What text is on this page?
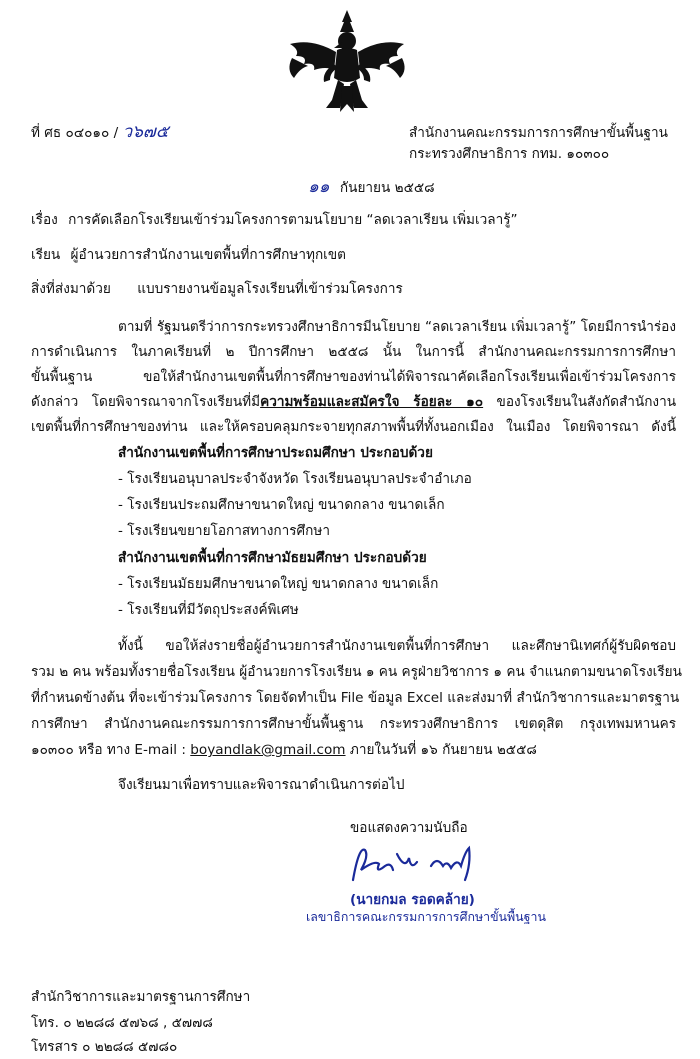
ที่ ศธ ๐๔๐๑๐ / ว๖๗๕	สำนักงานคณะกรรมการการศึกษาขั้นพื้นฐาน
กระทรวงศึกษาธิการ กทม. ๑๐๓๐๐
๑๑ กันยายน ๒๕๕๘
เรื่อง การคัดเลือกโรงเรียนเข้าร่วมโครงการตามนโยบาย “ลดเวลาเรียน เพิ่มเวลารู้”
เรียน ผู้อำนวยการสำนักงานเขตพื้นที่การศึกษาทุกเขต
สิ่งที่ส่งมาด้วย แบบรายงานข้อมูลโรงเรียนที่เข้าร่วมโครงการ
ตามที่ รัฐมนตรีว่าการกระทรวงศึกษาธิการมีนโยบาย “ลดเวลาเรียน เพิ่มเวลารู้” โดยมีการนำร่อง
การดำเนินการ ในภาคเรียนที่ ๒ ปีการศึกษา ๒๕๕๘ นั้น ในการนี้ สำนักงานคณะกรรมการการศึกษา
ขั้นพื้นฐาน ขอให้สำนักงานเขตพื้นที่การศึกษาของท่านได้พิจารณาคัดเลือกโรงเรียนเพื่อเข้าร่วมโครงการ
ดังกล่าว โดยพิจารณาจากโรงเรียนที่มีความพร้อมและสมัครใจ ร้อยละ ๑๐ ของโรงเรียนในสังกัดสำนักงาน
เขตพื้นที่การศึกษาของท่าน และให้ครอบคลุมกระจายทุกสภาพพื้นที่ทั้งนอกเมือง ในเมือง โดยพิจารณา ดังนี้
สำนักงานเขตพื้นที่การศึกษาประถมศึกษา ประกอบด้วย
- โรงเรียนอนุบาลประจำจังหวัด โรงเรียนอนุบาลประจำอำเภอ
- โรงเรียนประถมศึกษาขนาดใหญ่ ขนาดกลาง ขนาดเล็ก
- โรงเรียนขยายโอกาสทางการศึกษา
สำนักงานเขตพื้นที่การศึกษามัธยมศึกษา ประกอบด้วย
- โรงเรียนมัธยมศึกษาขนาดใหญ่ ขนาดกลาง ขนาดเล็ก
- โรงเรียนที่มีวัตถุประสงค์พิเศษ
ทั้งนี้ ขอให้ส่งรายชื่อผู้อำนวยการสำนักงานเขตพื้นที่การศึกษา และศึกษานิเทศก์ผู้รับผิดชอบ
รวม ๒ คน พร้อมทั้งรายชื่อโรงเรียน ผู้อำนวยการโรงเรียน ๑ คน ครูฝ่ายวิชาการ ๑ คน จำแนกตามขนาดโรงเรียน
ที่กำหนดข้างต้น ที่จะเข้าร่วมโครงการ โดยจัดทำเป็น File ข้อมูล Excel และส่งมาที่ สำนักวิชาการและมาตรฐาน
การศึกษา สำนักงานคณะกรรมการการศึกษาขั้นพื้นฐาน กระทรวงศึกษาธิการ เขตดุสิต กรุงเทพมหานคร
๑๐๓๐๐ หรือ ทาง E-mail : boyandlak@gmail.com ภายในวันที่ ๑๖ กันยายน ๒๕๕๘
จึงเรียนมาเพื่อทราบและพิจารณาดำเนินการต่อไป
ขอแสดงความนับถือ
(นายกมล รอดคล้าย)
เลขาธิการคณะกรรมการการศึกษาขั้นพื้นฐาน
สำนักวิชาการและมาตรฐานการศึกษา
โทร. ๐ ๒๒๘๘ ๕๗๖๘ , ๕๗๗๘
โทรสาร ๐ ๒๒๘๘ ๕๗๘๐
